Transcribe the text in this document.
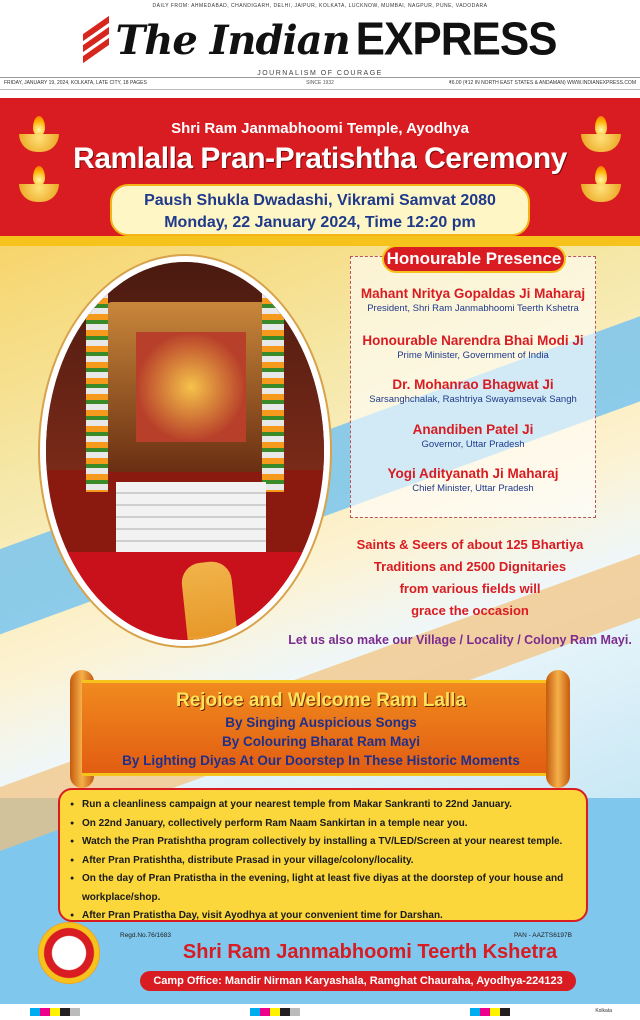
DAILY FROM: AHMEDABAD, CHANDIGARH, DELHI, JAIPUR, KOLKATA, LUCKNOW, MUMBAI, NAGPUR, PUNE, VADODARA
The Indian EXPRESS
JOURNALISM OF COURAGE
FRIDAY, JANUARY 19, 2024, KOLKATA, LATE CITY, 18 PAGES	SINCE 1932	₹6.00 (₹12 IN NORTH EAST STATES & ANDAMAN) WWW.INDIANEXPRESS.COM
Shri Ram Janmabhoomi Temple, Ayodhya
Ramlalla Pran-Pratishtha Ceremony
Paush Shukla Dwadashi, Vikrami Samvat 2080
Monday, 22 January 2024, Time 12:20 pm
Honourable Presence
Mahant Nritya Gopaldas Ji Maharaj
President, Shri Ram Janmabhoomi Teerth Kshetra
Honourable Narendra Bhai Modi Ji
Prime Minister, Government of India
Dr. Mohanrao Bhagwat Ji
Sarsanghchalak, Rashtriya Swayamsevak Sangh
Anandiben Patel Ji
Governor, Uttar Pradesh
Yogi Adityanath Ji Maharaj
Chief Minister, Uttar Pradesh
Saints & Seers of about 125 Bhartiya
Traditions and 2500 Dignitaries
from various fields will
grace the occasion
Let us also make our Village / Locality / Colony Ram Mayi.
Rejoice and Welcome Ram Lalla
By Singing Auspicious Songs
By Colouring Bharat Ram Mayi
By Lighting Diyas At Our Doorstep In These Historic Moments
● Run a cleanliness campaign at your nearest temple from Makar Sankranti to 22nd January.
● On 22nd January, collectively perform Ram Naam Sankirtan in a temple near you.
● Watch the Pran Pratishtha program collectively by installing a TV/LED/Screen at your nearest temple.
● After Pran Pratishtha, distribute Prasad in your village/colony/locality.
● On the day of Pran Pratistha in the evening, light at least five diyas at the doorstep of your house and workplace/shop.
● After Pran Pratistha Day, visit Ayodhya at your convenient time for Darshan.
Regd.No.76/1683	PAN - AAZTS6197B
Shri Ram Janmabhoomi Teerth Kshetra
Camp Office: Mandir Nirman Karyashala, Ramghat Chauraha, Ayodhya-224123
Kolkata
